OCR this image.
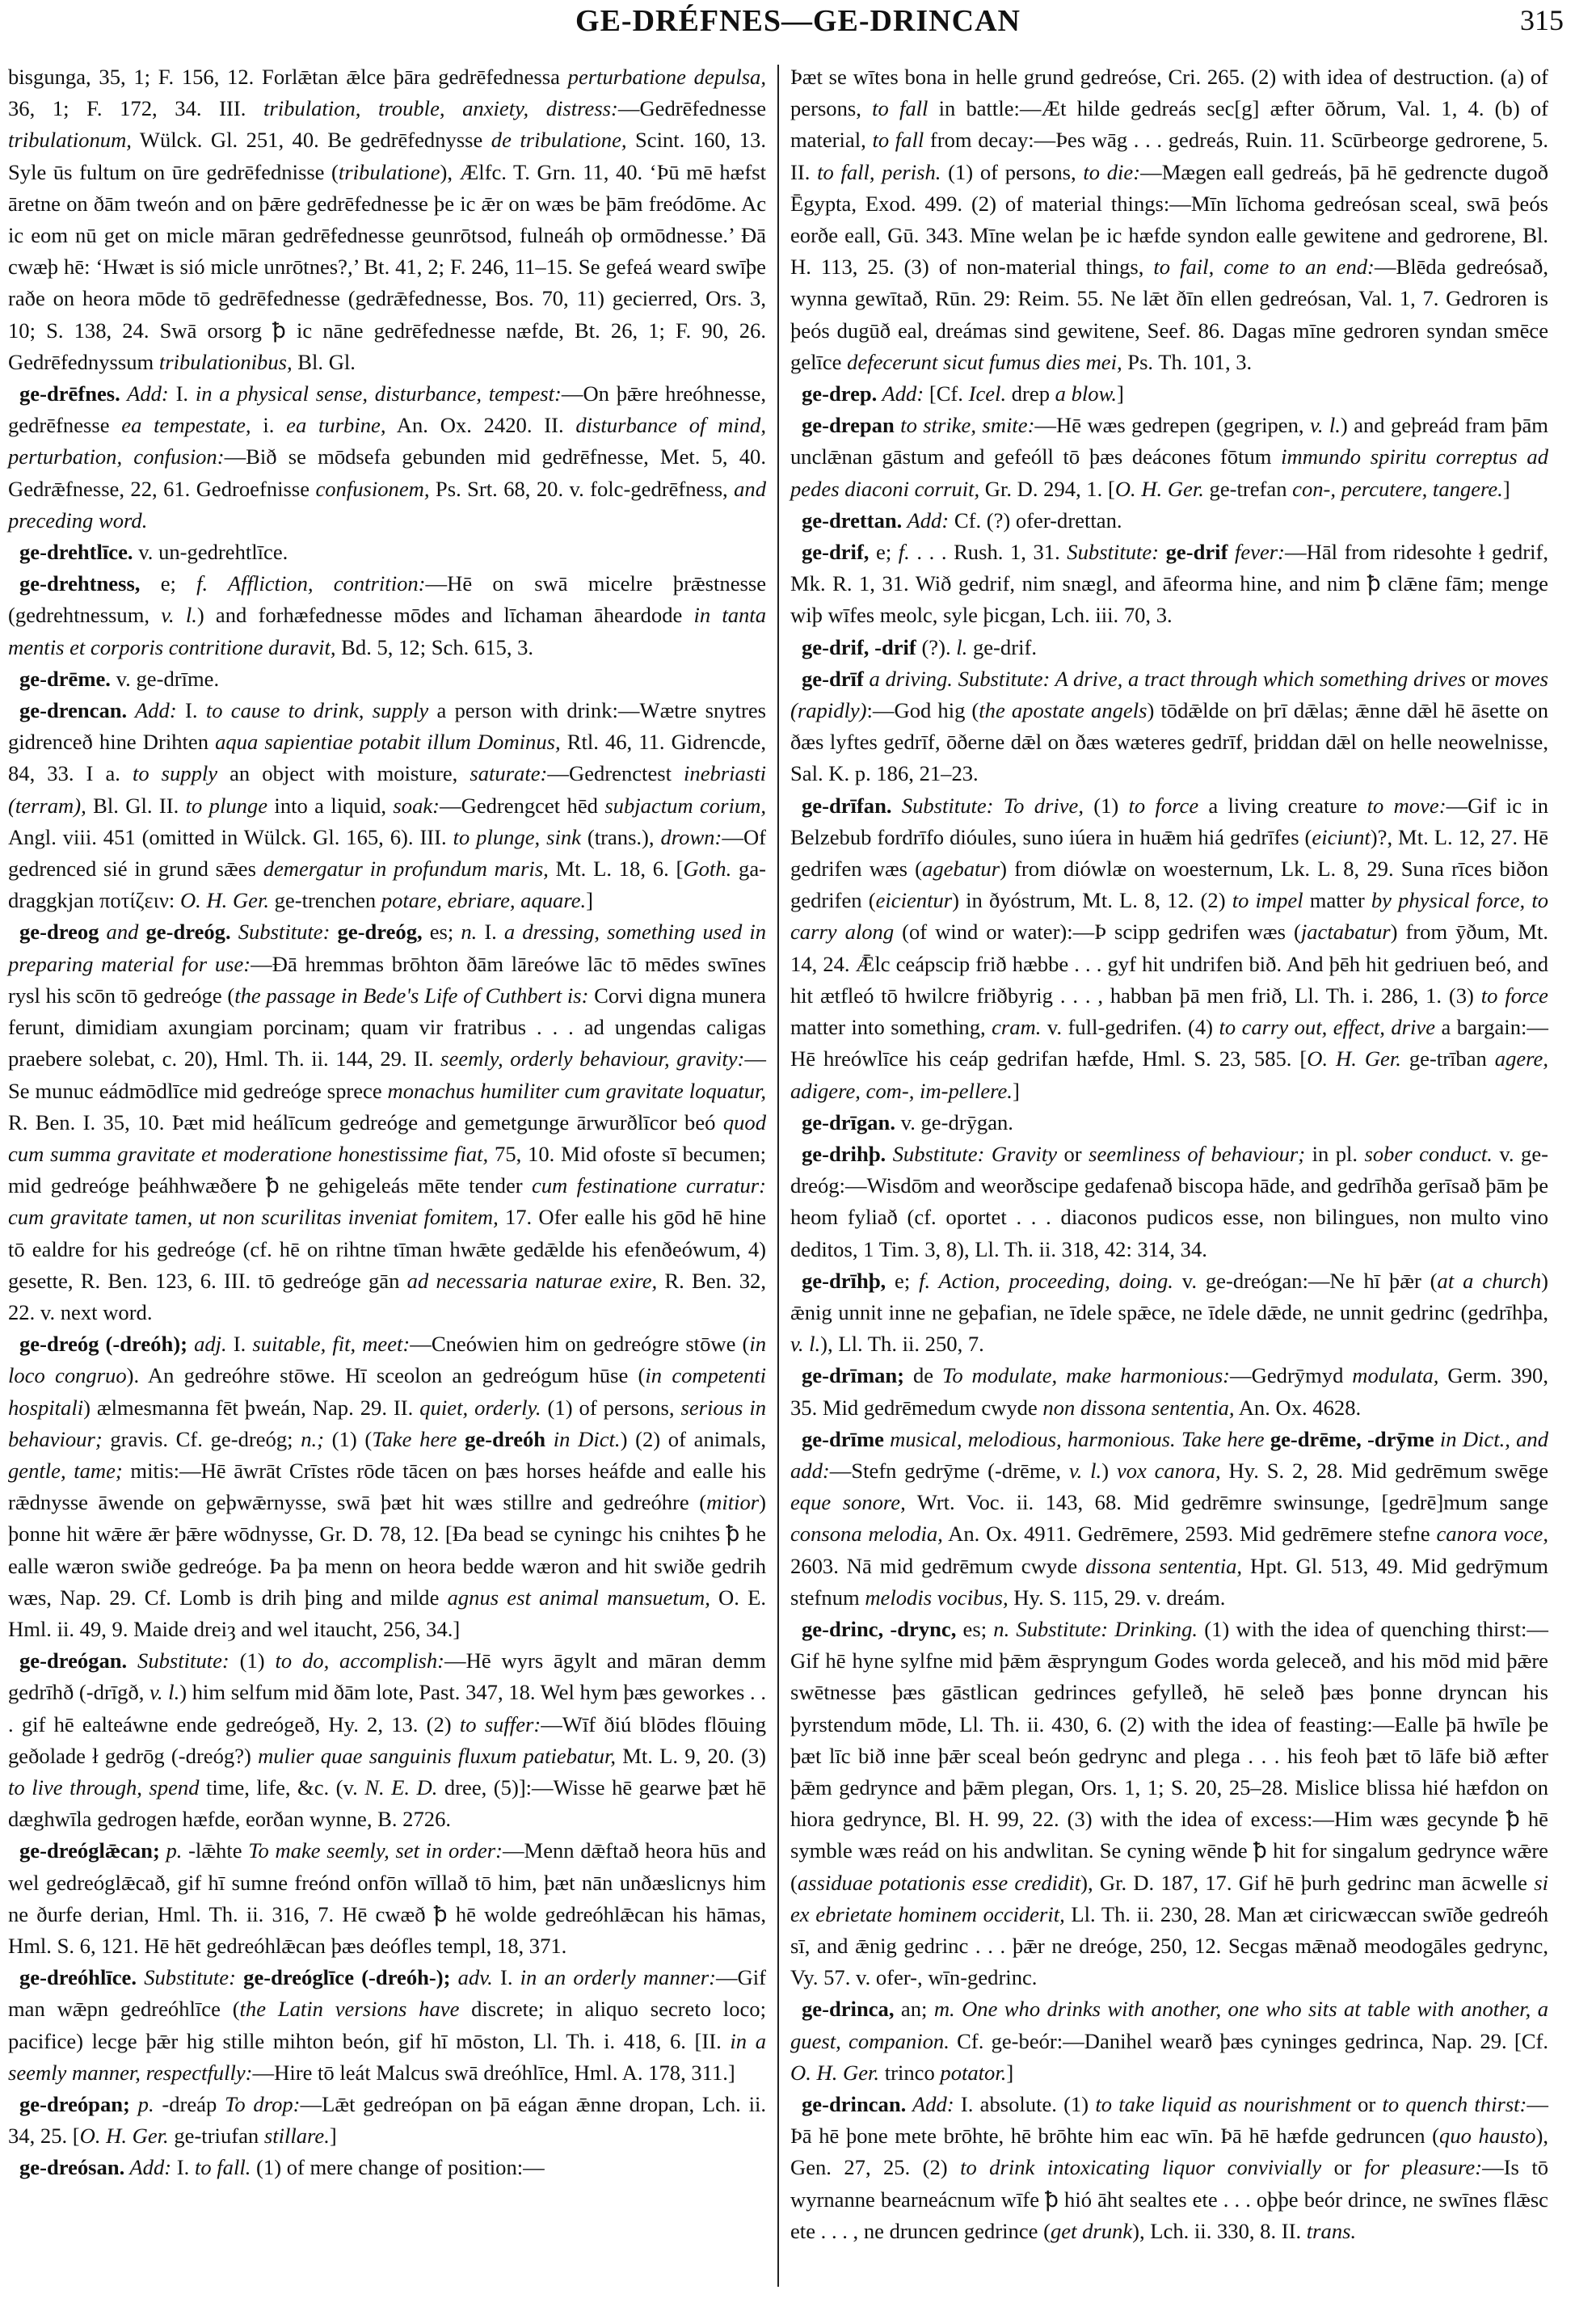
GE-DRÉFNES—GE-DRINCAN	315

bisgunga, 35, 1; F. 156, 12. Forlǣtan ǣlce þāra gedrēfednessa perturbatione depulsa, 36, 1; F. 172, 34. III. tribulation, trouble, anxiety, distress:—Gedrēfednesse tribulationum, Wülck. Gl. 251, 40. Be gedrēfednysse de tribulatione, Scint. 160, 13. Syle ūs fultum on ūre gedrēfednisse (tribulatione), Ælfc. T. Grn. 11, 40. ‘Þū mē hæfst āretne on ðām tweón and on þǣre gedrēfednesse þe ic ǣr on wæs be þām freódōme. Ac ic eom nū get on micle māran gedrēfednesse geunrōtsod, fulneáh oþ ormōdnesse.’ Ðā cwæþ hē: ‘Hwæt is sió micle unrōtnes?,’ Bt. 41, 2; F. 246, 11–15. Se gefeá weard swīþe raðe on heora mōde tō gedrēfednesse (gedrǣfednesse, Bos. 70, 11) gecierred, Ors. 3, 10; S. 138, 24. Swā orsorg ꝥ ic nāne gedrēfednesse næfde, Bt. 26, 1; F. 90, 26. Gedrēfednyssum tribulationibus, Bl. Gl.

ge-drēfnes. Add: I. in a physical sense, disturbance, tempest:—On þǣre hreóhnesse, gedrēfnesse ea tempestate, i. ea turbine, An. Ox. 2420. II. disturbance of mind, perturbation, confusion:—Bið se mōdsefa gebunden mid gedrēfnesse, Met. 5, 40. Gedrǣfnesse, 22, 61. Gedroefnisse confusionem, Ps. Srt. 68, 20. v. folc-gedrēfness, and preceding word.

ge-drehtlīce. v. un-gedrehtlīce.

ge-drehtness, e; f. Affliction, contrition:—Hē on swā micelre þrǣstnesse (gedrehtnessum, v. l.) and forhæfednesse mōdes and līchaman āheardode in tanta mentis et corporis contritione duravit, Bd. 5, 12; Sch. 615, 3.

ge-drēme. v. ge-drīme.

ge-drencan. Add: I. to cause to drink, supply a person with drink:—Wætre snytres gidrenceð hine Drihten aqua sapientiae potabit illum Dominus, Rtl. 46, 11. Gidrencde, 84, 33. I a. to supply an object with moisture, saturate:—Gedrenctest inebriasti (terram), Bl. Gl. II. to plunge into a liquid, soak:—Gedrengcet hēd subjactum corium, Angl. viii. 451 (omitted in Wülck. Gl. 165, 6). III. to plunge, sink (trans.), drown:—Of gedrenced sié in grund sǣes demergatur in profundum maris, Mt. L. 18, 6. [Goth. ga-draggkjan ποτίζειν: O. H. Ger. ge-trenchen potare, ebriare, aquare.]

ge-dreog and ge-dreóg. Substitute: ge-dreóg, es; n. I. a dressing, something used in preparing material for use:—Ðā hremmas brōhton ðām lāreówe lāc tō mēdes swīnes rysl his scōn tō gedreóge (the passage in Bede's Life of Cuthbert is: Corvi digna munera ferunt, dimidiam axungiam porcinam; quam vir fratribus . . . ad ungendas caligas praebere solebat, c. 20), Hml. Th. ii. 144, 29. II. seemly, orderly behaviour, gravity:—Se munuc eádmōdlīce mid gedreóge sprece monachus humiliter cum gravitate loquatur, R. Ben. I. 35, 10. Þæt mid heálīcum gedreóge and gemetgunge ārwurðlīcor beó quod cum summa gravitate et moderatione honestissime fiat, 75, 10. Mid ofoste sī becumen; mid gedreóge þeáhhwæðere ꝥ ne gehigeleás mēte tender cum festinatione curratur: cum gravitate tamen, ut non scurilitas inveniat fomitem, 17. Ofer ealle his gōd hē hine tō ealdre for his gedreóge (cf. hē on rihtne tīman hwǣte gedǣlde his efenðeówum, 4) gesette, R. Ben. 123, 6. III. tō gedreóge gān ad necessaria naturae exire, R. Ben. 32, 22. v. next word.

ge-dreóg (-dreóh); adj. I. suitable, fit, meet:—Cneówien him on gedreógre stōwe (in loco congruo). An gedreóhre stōwe. Hī sceolon an gedreógum hūse (in competenti hospitali) ælmesmanna fēt þweán, Nap. 29. II. quiet, orderly. (1) of persons, serious in behaviour; gravis. Cf. ge-dreóg; n.; (1) (Take here ge-dreóh in Dict.) (2) of animals, gentle, tame; mitis:—Hē āwrāt Crīstes rōde tācen on þæs horses heáfde and ealle his rǣdnysse āwende on geþwǣrnysse, swā þæt hit wæs stillre and gedreóhre (mitior) þonne hit wǣre ǣr þǣre wōdnysse, Gr. D. 78, 12. [Ða bead se cyningc his cnihtes ꝥ he ealle wæron swiðe gedreóge. Þa þa menn on heora bedde wæron and hit swiðe gedrih wæs, Nap. 29. Cf. Lomb is drih þing and milde agnus est animal mansuetum, O. E. Hml. ii. 49, 9. Maide dreiȝ and wel itaucht, 256, 34.]

ge-dreógan. Substitute: (1) to do, accomplish:—Hē wyrs āgylt and māran demm gedrīhð (-drīgð, v. l.) him selfum mid ðām lote, Past. 347, 18. Wel hym þæs geworkes . . . gif hē ealteáwne ende gedreógeð, Hy. 2, 13. (2) to suffer:—Wīf ðiú blōdes flōuing geðolade ł gedrōg (-dreóg?) mulier quae sanguinis fluxum patiebatur, Mt. L. 9, 20. (3) to live through, spend time, life, &c. (v. N. E. D. dree, (5)]:—Wisse hē gearwe þæt hē dæghwīla gedrogen hæfde, eorðan wynne, B. 2726.

ge-dreóglǣcan; p. -lǣhte To make seemly, set in order:—Menn dǣftað heora hūs and wel gedreóglǣcað, gif hī sumne freónd onfōn wīllað tō him, þæt nān unðæslicnys him ne ðurfe derian, Hml. Th. ii. 316, 7. Hē cwæð ꝥ hē wolde gedreóhlǣcan his hāmas, Hml. S. 6, 121. Hē hēt gedreóhlǣcan þæs deófles templ, 18, 371.

ge-dreóhlīce. Substitute: ge-dreóglīce (-dreóh-); adv. I. in an orderly manner:—Gif man wǣpn gedreóhlīce (the Latin versions have discrete; in aliquo secreto loco; pacifice) lecge þǣr hig stille mihton beón, gif hī mōston, Ll. Th. i. 418, 6. [II. in a seemly manner, respectfully:—Hire tō leát Malcus swā dreóhlīce, Hml. A. 178, 311.]

ge-dreópan; p. -dreáp To drop:—Lǣt gedreópan on þā eágan ǣnne dropan, Lch. ii. 34, 25. [O. H. Ger. ge-triufan stillare.]

ge-dreósan. Add: I. to fall. (1) of mere change of position:—

Þæt se wītes bona in helle grund gedreóse, Cri. 265. (2) with idea of destruction. (a) of persons, to fall in battle:—Æt hilde gedreás sec[g] æfter ōðrum, Val. 1, 4. (b) of material, to fall from decay:—Þes wāg . . . gedreás, Ruin. 11. Scūrbeorge gedrorene, 5. II. to fall, perish. (1) of persons, to die:—Mægen eall gedreás, þā hē gedrencte dugoð Ēgypta, Exod. 499. (2) of material things:—Mīn līchoma gedreósan sceal, swā þeós eorðe eall, Gū. 343. Mīne welan þe ic hæfde syndon ealle gewitene and gedrorene, Bl. H. 113, 25. (3) of non-material things, to fail, come to an end:—Blēda gedreósað, wynna gewītað, Rūn. 29: Reim. 55. Ne lǣt ðīn ellen gedreósan, Val. 1, 7. Gedroren is þeós dugūð eal, dreámas sind gewitene, Seef. 86. Dagas mīne gedroren syndan smēce gelīce defecerunt sicut fumus dies mei, Ps. Th. 101, 3.

ge-drep. Add: [Cf. Icel. drep a blow.]

ge-drepan to strike, smite:—Hē wæs gedrepen (gegripen, v. l.) and geþreád fram þām unclǣnan gāstum and gefeóll tō þæs deácones fōtum immundo spiritu correptus ad pedes diaconi corruit, Gr. D. 294, 1. [O. H. Ger. ge-trefan con-, percutere, tangere.]

ge-drettan. Add: Cf. (?) ofer-drettan.

ge-drif, e; f. . . . Rush. 1, 31. Substitute: ge-drif fever:—Hāl from ridesohte ł gedrif, Mk. R. 1, 31. Wið gedrif, nim snægl, and āfeorma hine, and nim ꝥ clǣne fām; menge wiþ wīfes meolc, syle þicgan, Lch. iii. 70, 3.

ge-drif, -drif (?). l. ge-drif.

ge-drīf a driving. Substitute: A drive, a tract through which something drives or moves (rapidly):—God hig (the apostate angels) tōdǣlde on þrī dǣlas; ǣnne dǣl hē āsette on ðæs lyftes gedrīf, ōðerne dǣl on ðæs wæteres gedrīf, þriddan dǣl on helle neowelnisse, Sal. K. p. 186, 21–23.

ge-drīfan. Substitute: To drive, (1) to force a living creature to move:—Gif ic in Belzebub fordrīfo dióules, suno iúera in huǣm hiá gedrīfes (eiciunt)?, Mt. L. 12, 27. Hē gedrifen wæs (agebatur) from diówlæ on woesternum, Lk. L. 8, 29. Suna rīces biðon gedrifen (eicientur) in ðyóstrum, Mt. L. 8, 12. (2) to impel matter by physical force, to carry along (of wind or water):—Þ scipp gedrifen wæs (jactabatur) from ȳðum, Mt. 14, 24. Ǣlc ceápscip frið hæbbe . . . gyf hit undrifen bið. And þēh hit gedriuen beó, and hit ætfleó tō hwilcre friðbyrig . . . , habban þā men frið, Ll. Th. i. 286, 1. (3) to force matter into something, cram. v. full-gedrifen. (4) to carry out, effect, drive a bargain:—Hē hreówlīce his ceáp gedrifan hæfde, Hml. S. 23, 585. [O. H. Ger. ge-trīban agere, adigere, com-, im-pellere.]

ge-drīgan. v. ge-drȳgan.

ge-drihþ. Substitute: Gravity or seemliness of behaviour; in pl. sober conduct. v. ge-dreóg:—Wisdōm and weorðscipe gedafenað biscopa hāde, and gedrīhða gerīsað þām þe heom fyliað (cf. oportet . . . diaconos pudicos esse, non bilingues, non multo vino deditos, 1 Tim. 3, 8), Ll. Th. ii. 318, 42: 314, 34.

ge-drīhþ, e; f. Action, proceeding, doing. v. ge-dreógan:—Ne hī þǣr (at a church) ǣnig unnit inne ne geþafian, ne īdele spǣce, ne īdele dǣde, ne unnit gedrinc (gedrīhþa, v. l.), Ll. Th. ii. 250, 7.

ge-drīman; de To modulate, make harmonious:—Gedrȳmyd modulata, Germ. 390, 35. Mid gedrēmedum cwyde non dissona sententia, An. Ox. 4628.

ge-drīme musical, melodious, harmonious. Take here ge-drēme, -drȳme in Dict., and add:—Stefn gedrȳme (-drēme, v. l.) vox canora, Hy. S. 2, 28. Mid gedrēmum swēge eque sonore, Wrt. Voc. ii. 143, 68. Mid gedrēmre swinsunge, [gedrē]mum sange consona melodia, An. Ox. 4911. Gedrēmere, 2593. Mid gedrēmere stefne canora voce, 2603. Nā mid gedrēmum cwyde dissona sententia, Hpt. Gl. 513, 49. Mid gedrȳmum stefnum melodis vocibus, Hy. S. 115, 29. v. dreám.

ge-drinc, -drync, es; n. Substitute: Drinking. (1) with the idea of quenching thirst:—Gif hē hyne sylfne mid þǣm ǣspryngum Godes worda geleceð, and his mōd mid þǣre swētnesse þæs gāstlican gedrinces gefylleð, hē seleð þæs þonne dryncan his þyrstendum mōde, Ll. Th. ii. 430, 6. (2) with the idea of feasting:—Ealle þā hwīle þe þæt līc bið inne þǣr sceal beón gedrync and plega . . . his feoh þæt tō lāfe bið æfter þǣm gedrynce and þǣm plegan, Ors. 1, 1; S. 20, 25–28. Mislice blissa hié hæfdon on hiora gedrynce, Bl. H. 99, 22. (3) with the idea of excess:—Him wæs gecynde ꝥ hē symble wæs reád on his andwlitan. Se cyning wēnde ꝥ hit for singalum gedrynce wǣre (assiduae potationis esse credidit), Gr. D. 187, 17. Gif hē þurh gedrinc man ācwelle si ex ebrietate hominem occiderit, Ll. Th. ii. 230, 28. Man æt ciricwæccan swīðe gedreóh sī, and ǣnig gedrinc . . . þǣr ne dreóge, 250, 12. Secgas mǣnað meodogāles gedrync, Vy. 57. v. ofer-, wīn-gedrinc.

ge-drinca, an; m. One who drinks with another, one who sits at table with another, a guest, companion. Cf. ge-beór:—Danihel wearð þæs cyninges gedrinca, Nap. 29. [Cf. O. H. Ger. trinco potator.]

ge-drincan. Add: I. absolute. (1) to take liquid as nourishment or to quench thirst:—Þā hē þone mete brōhte, hē brōhte him eac wīn. Þā hē hæfde gedruncen (quo hausto), Gen. 27, 25. (2) to drink intoxicating liquor convivially or for pleasure:—Is tō wyrnanne bearneácnum wīfe ꝥ hió āht sealtes ete . . . oþþe beór drince, ne swīnes flǣsc ete . . . , ne druncen gedrince (get drunk), Lch. ii. 330, 8. II. trans.
